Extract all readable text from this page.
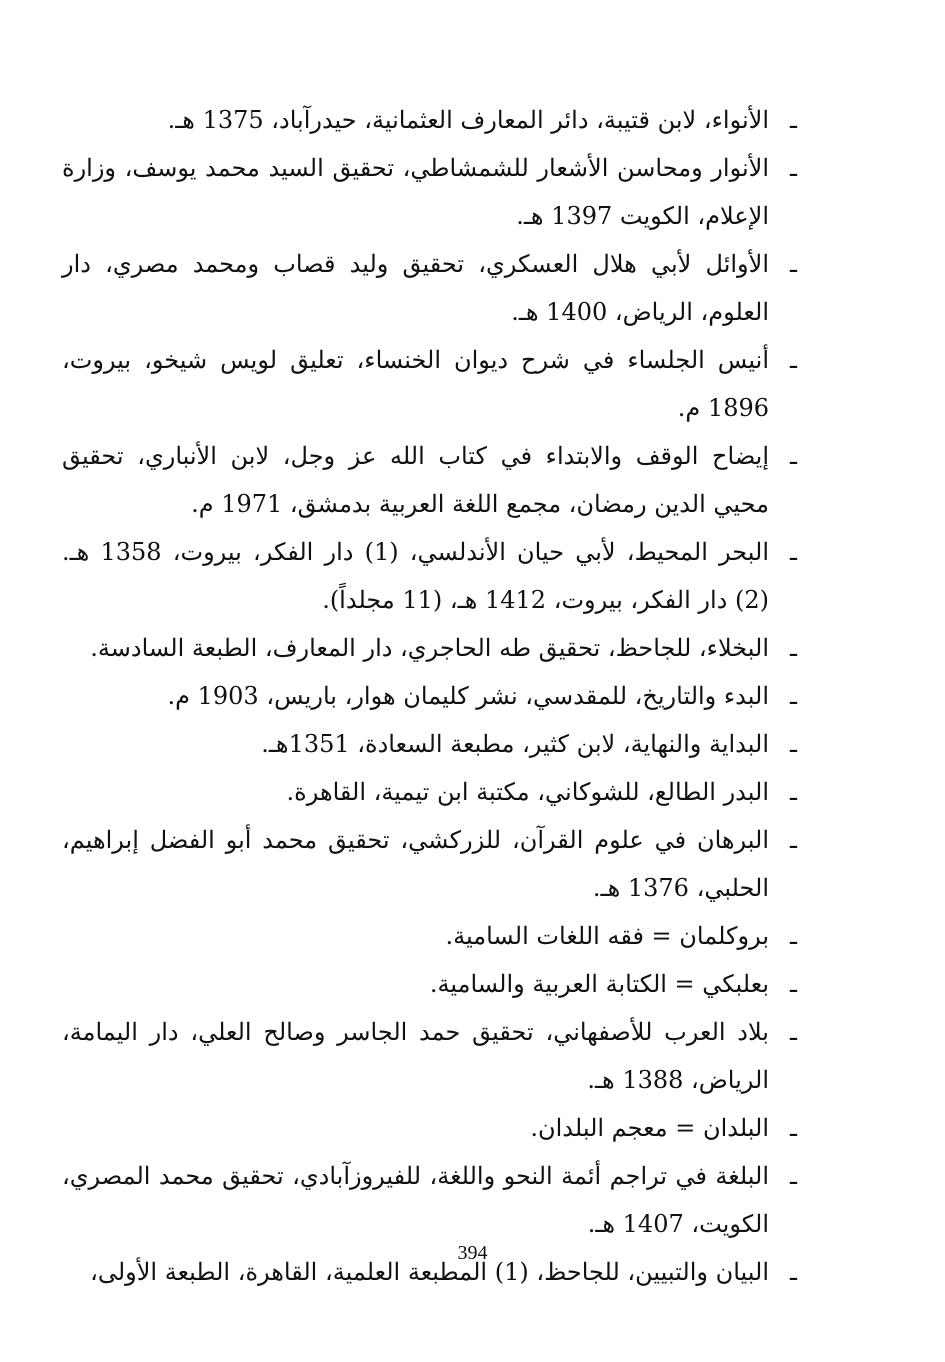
ـ
الأنواء، لابن قتيبة، دائر المعارف العثمانية، حيدرآباد، 1375 هـ.

ـ
الأنوار ومحاسن الأشعار للشمشاطي، تحقيق السيد محمد يوسف، وزارة الإعلام، الكويت 1397 هـ.

ـ
الأوائل لأبي هلال العسكري، تحقيق وليد قصاب ومحمد مصري، دار العلوم، الرياض، 1400 هـ.

ـ
أنيس الجلساء في شرح ديوان الخنساء، تعليق لويس شيخو، بيروت، 1896 م.

ـ
إيضاح الوقف والابتداء في كتاب الله عز وجل، لابن الأنباري، تحقيق محيي الدين رمضان، مجمع اللغة العربية بدمشق، 1971 م.

ـ
البحر المحيط، لأبي حيان الأندلسي، (1) دار الفكر، بيروت، 1358 هـ. (2) دار الفكر، بيروت، 1412 هـ، (11 مجلداً).

ـ
البخلاء، للجاحظ، تحقيق طه الحاجري، دار المعارف، الطبعة السادسة.

ـ
البدء والتاريخ، للمقدسي، نشر كليمان هوار، باريس، 1903 م.

ـ
البداية والنهاية، لابن كثير، مطبعة السعادة، 1351هـ.

ـ
البدر الطالع، للشوكاني، مكتبة ابن تيمية، القاهرة.

ـ
البرهان في علوم القرآن، للزركشي، تحقيق محمد أبو الفضل إبراهيم، الحلبي، 1376 هـ.

ـ
بروكلمان = فقه اللغات السامية.

ـ
بعلبكي = الكتابة العربية والسامية.

ـ
بلاد العرب للأصفهاني، تحقيق حمد الجاسر وصالح العلي، دار اليمامة، الرياض، 1388 هـ.

ـ
البلدان = معجم البلدان.

ـ
البلغة في تراجم أئمة النحو واللغة، للفيروزآبادي، تحقيق محمد المصري، الكويت، 1407 هـ.

ـ
البيان والتبيين، للجاحظ، (1) المطبعة العلمية، القاهرة، الطبعة الأولى،

394
